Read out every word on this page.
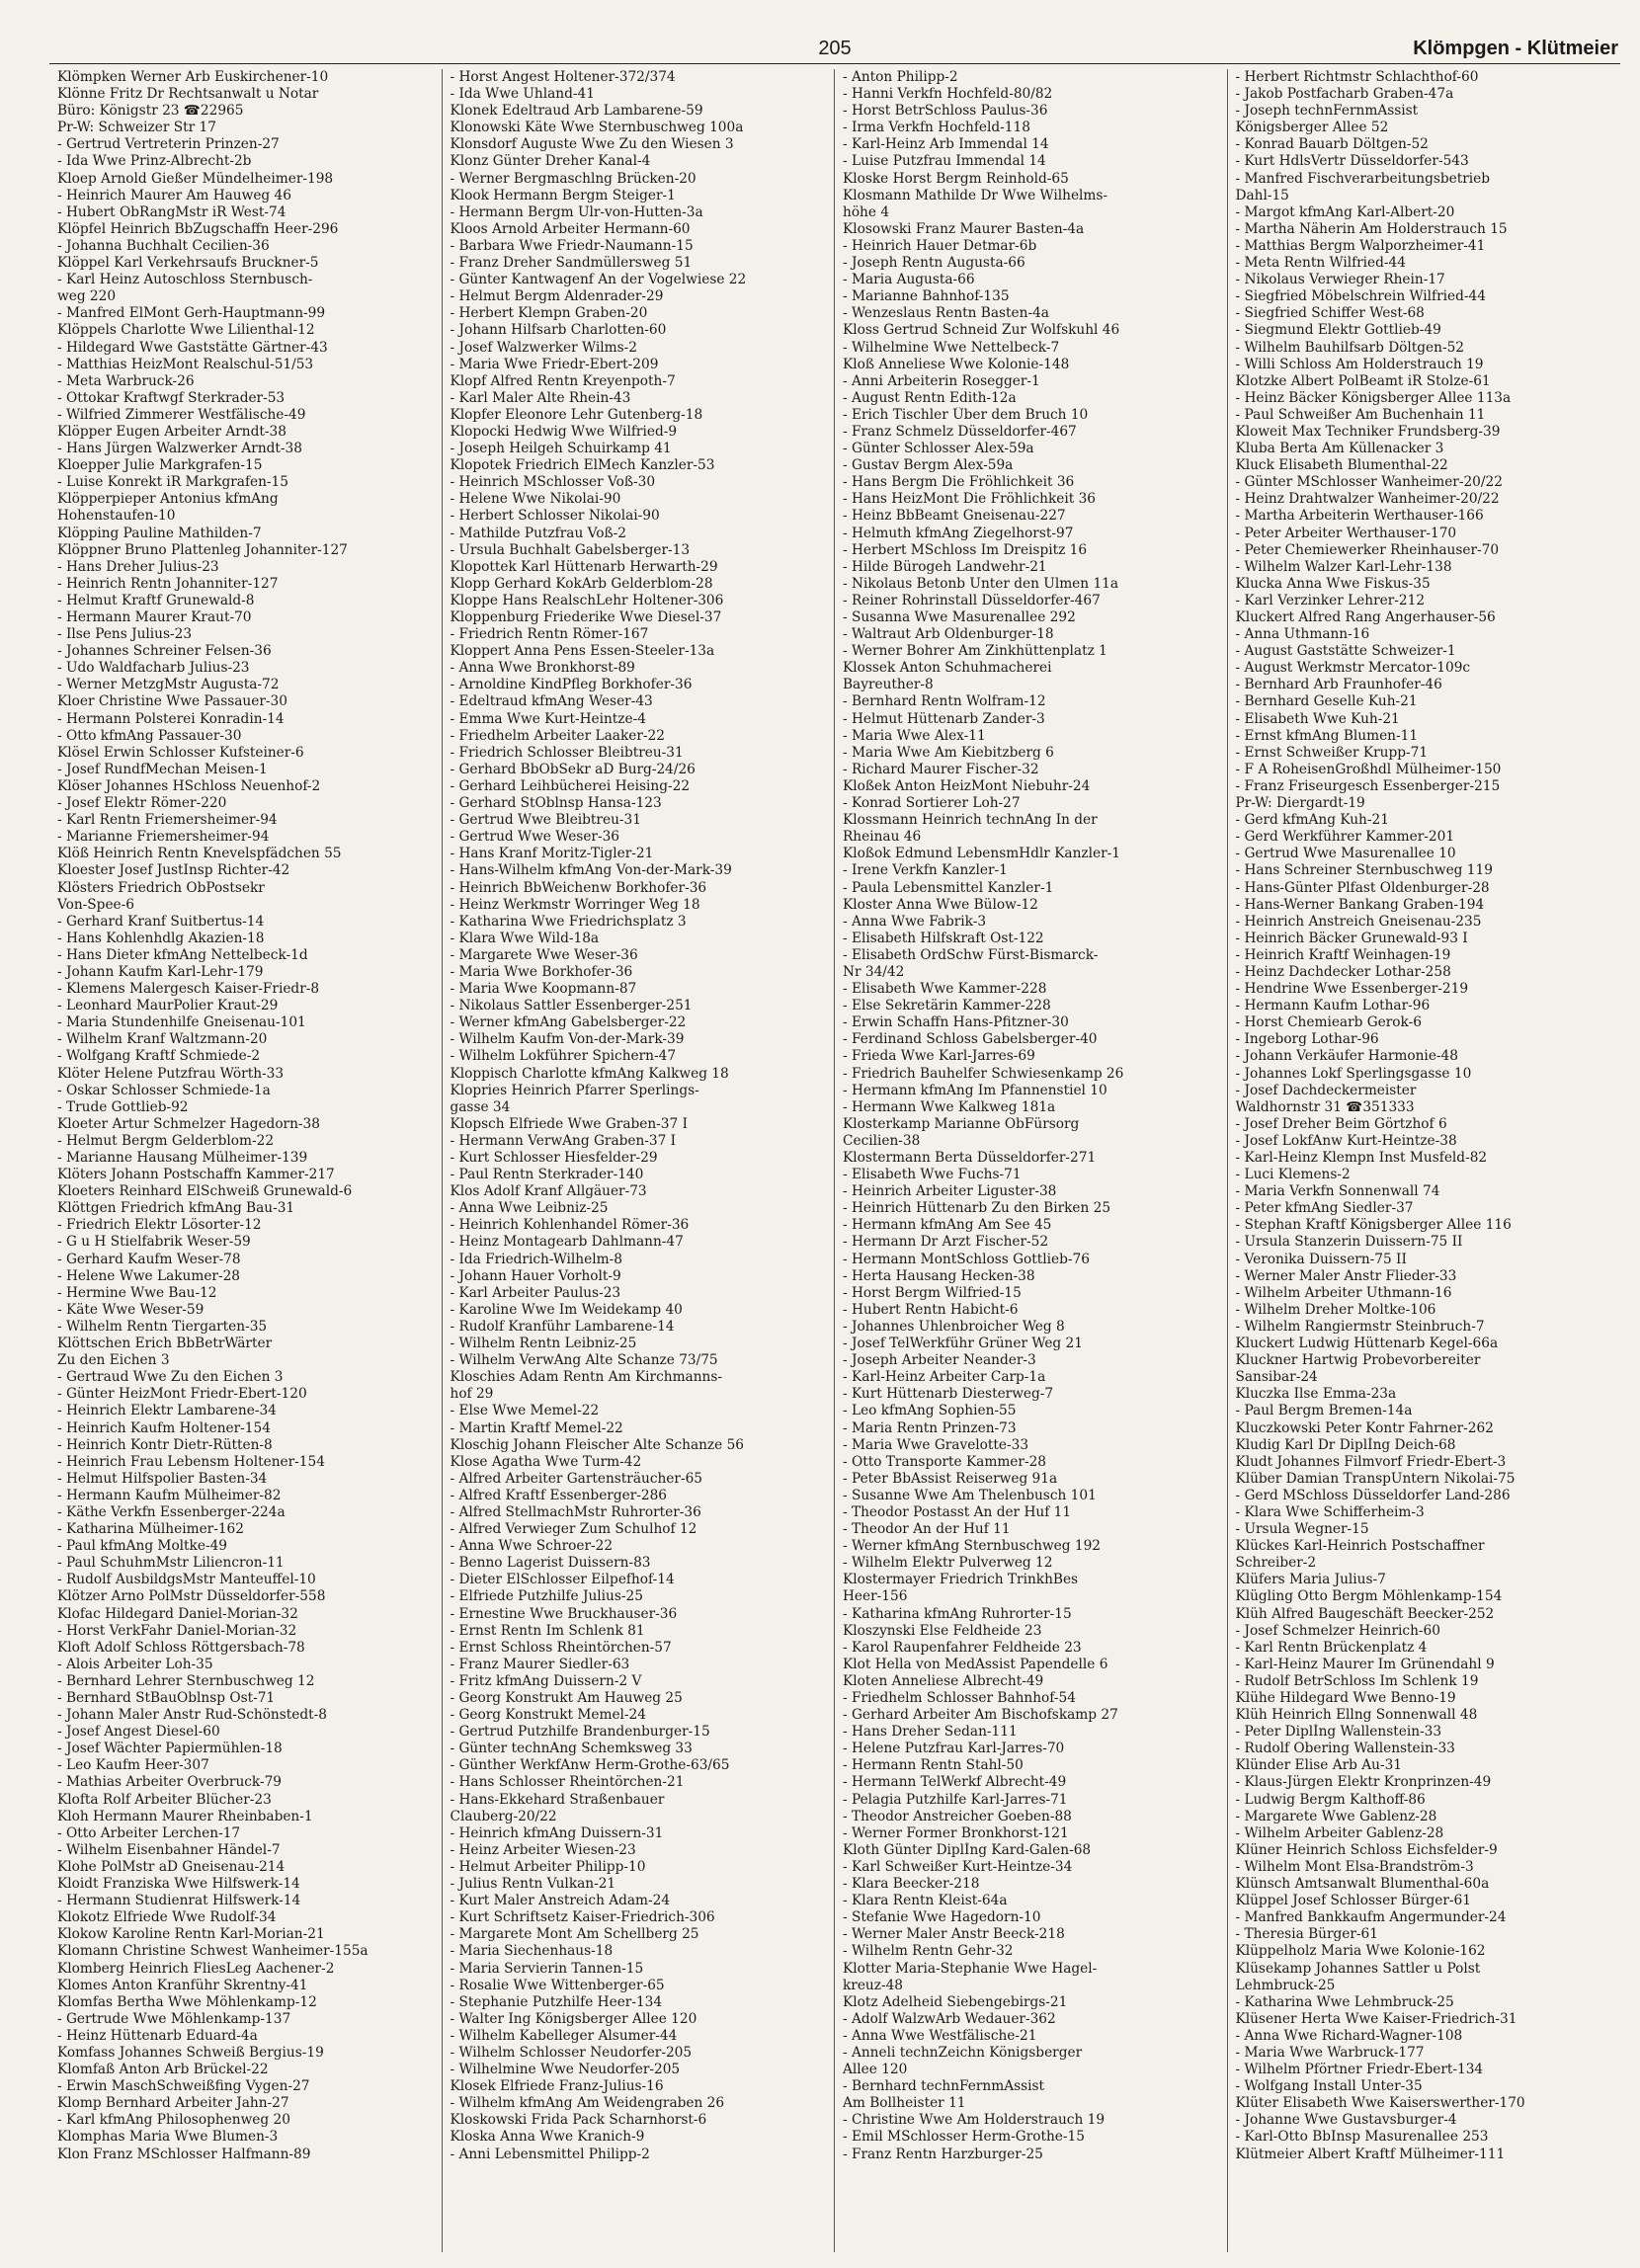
205	Klömpgen - Klütmeier
Klömpken Werner Arb Euskirchener-10
Klönne Fritz Dr Rechtsanwalt u Notar
Büro: Königstr 23 ☎22965
Pr-W: Schweizer Str 17
- Gertrud Vertreterin Prinzen-27
- Ida Wwe Prinz-Albrecht-2b
Kloep Arnold Gießer Mündelheimer-198
- Heinrich Maurer Am Hauweg 46
- Hubert ObRangMstr iR West-74
Klöpfel Heinrich BbZugschaffn Heer-296
- Johanna Buchhalt Cecilien-36
Klöppel Karl Verkehrsaufs Bruckner-5
- Karl Heinz Autoschloss Sternbusch-
weg 220
- Manfred ElMont Gerh-Hauptmann-99
Klöppels Charlotte Wwe Lilienthal-12
- Hildegard Wwe Gaststätte Gärtner-43
- Matthias HeizMont Realschul-51/53
- Meta Warbruck-26
- Ottokar Kraftwgf Sterkrader-53
- Wilfried Zimmerer Westfälische-49
Klöpper Eugen Arbeiter Arndt-38
- Hans Jürgen Walzwerker Arndt-38
Kloepper Julie Markgrafen-15
- Luise Konrekt iR Markgrafen-15
Klöpperpieper Antonius kfmAng
Hohenstaufen-10
Klöpping Pauline Mathilden-7
Klöppner Bruno Plattenleg Johanniter-127
- Hans Dreher Julius-23
- Heinrich Rentn Johanniter-127
- Helmut Kraftf Grunewald-8
- Hermann Maurer Kraut-70
- Ilse Pens Julius-23
- Johannes Schreiner Felsen-36
- Udo Waldfacharb Julius-23
- Werner MetzgMstr Augusta-72
Kloer Christine Wwe Passauer-30
- Hermann Polsterei Konradin-14
- Otto kfmAng Passauer-30
Klösel Erwin Schlosser Kufsteiner-6
- Josef RundfMechan Meisen-1
Klöser Johannes HSchloss Neuenhof-2
- Josef Elektr Römer-220
- Karl Rentn Friemersheimer-94
- Marianne Friemersheimer-94
Klöß Heinrich Rentn Knevelspfädchen 55
Kloester Josef JustInsp Richter-42
Klösters Friedrich ObPostsekr
Von-Spee-6
- Gerhard Kranf Suitbertus-14
- Hans Kohlenhdlg Akazien-18
- Hans Dieter kfmAng Nettelbeck-1d
- Johann Kaufm Karl-Lehr-179
- Klemens Malergesch Kaiser-Friedr-8
- Leonhard MaurPolier Kraut-29
- Maria Stundenhilfe Gneisenau-101
- Wilhelm Kranf Waltzmann-20
- Wolfgang Kraftf Schmiede-2
Klöter Helene Putzfrau Wörth-33
- Oskar Schlosser Schmiede-1a
- Trude Gottlieb-92
Kloeter Artur Schmelzer Hagedorn-38
- Helmut Bergm Gelderblom-22
- Marianne Hausang Mülheimer-139
Klöters Johann Postschaffn Kammer-217
Kloeters Reinhard ElSchweiß Grunewald-6
Klöttgen Friedrich kfmAng Bau-31
- Friedrich Elektr Lösorter-12
- G u H Stielfabrik Weser-59
- Gerhard Kaufm Weser-78
- Helene Wwe Lakumer-28
- Hermine Wwe Bau-12
- Käte Wwe Weser-59
- Wilhelm Rentn Tiergarten-35
Klöttschen Erich BbBetrWärter
Zu den Eichen 3
- Gertraud Wwe Zu den Eichen 3
- Günter HeizMont Friedr-Ebert-120
- Heinrich Elektr Lambarene-34
- Heinrich Kaufm Holtener-154
- Heinrich Kontr Dietr-Rütten-8
- Heinrich Frau Lebensm Holtener-154
- Helmut Hilfspolier Basten-34
- Hermann Kaufm Mülheimer-82
- Käthe Verkfn Essenberger-224a
- Katharina Mülheimer-162
- Paul kfmAng Moltke-49
- Paul SchuhmMstr Liliencron-11
- Rudolf AusbildgsMstr Manteuffel-10
Klötzer Arno PolMstr Düsseldorfer-558
Klofac Hildegard Daniel-Morian-32
- Horst VerkFahr Daniel-Morian-32
Kloft Adolf Schloss Röttgersbach-78
- Alois Arbeiter Loh-35
- Bernhard Lehrer Sternbuschweg 12
- Bernhard StBauOblnsp Ost-71
- Johann Maler Anstr Rud-Schönstedt-8
- Josef Angest Diesel-60
- Josef Wächter Papiermühlen-18
- Leo Kaufm Heer-307
- Mathias Arbeiter Overbruck-79
Klofta Rolf Arbeiter Blücher-23
Kloh Hermann Maurer Rheinbaben-1
- Otto Arbeiter Lerchen-17
- Wilhelm Eisenbahner Händel-7
Klohe PolMstr aD Gneisenau-214
Kloidt Franziska Wwe Hilfswerk-14
- Hermann Studienrat Hilfswerk-14
Klokotz Elfriede Wwe Rudolf-34
Klokow Karoline Rentn Karl-Morian-21
Klomann Christine Schwest Wanheimer-155a
Klomberg Heinrich FliesLeg Aachener-2
Klomes Anton Kranführ Skrentny-41
Klomfas Bertha Wwe Möhlenkamp-12
- Gertrude Wwe Möhlenkamp-137
- Heinz Hüttenarb Eduard-4a
Komfass Johannes Schweiß Bergius-19
Klomfaß Anton Arb Brückel-22
- Erwin MaschSchweißfing Vygen-27
Klomp Bernhard Arbeiter Jahn-27
- Karl kfmAng Philosophenweg 20
Klomphas Maria Wwe Blumen-3
Klon Franz MSchlosser Halfmann-89
- Horst Angest Holtener-372/374
- Ida Wwe Uhland-41
Klonek Edeltraud Arb Lambarene-59
Klonowski Käte Wwe Sternbuschweg 100a
Klonsdorf Auguste Wwe Zu den Wiesen 3
Klonz Günter Dreher Kanal-4
- Werner Bergmaschlng Brücken-20
Klook Hermann Bergm Steiger-1
- Hermann Bergm Ulr-von-Hutten-3a
Kloos Arnold Arbeiter Hermann-60
- Barbara Wwe Friedr-Naumann-15
- Franz Dreher Sandmüllersweg 51
- Günter Kantwagenf An der Vogelwiese 22
- Helmut Bergm Aldenrader-29
- Herbert Klempn Graben-20
- Johann Hilfsarb Charlotten-60
- Josef Walzwerker Wilms-2
- Maria Wwe Friedr-Ebert-209
Klopf Alfred Rentn Kreyenpoth-7
- Karl Maler Alte Rhein-43
Klopfer Eleonore Lehr Gutenberg-18
Klopocki Hedwig Wwe Wilfried-9
- Joseph Heilgeh Schuirkamp 41
Klopotek Friedrich ElMech Kanzler-53
- Heinrich MSchlosser Voß-30
- Helene Wwe Nikolai-90
- Herbert Schlosser Nikolai-90
- Mathilde Putzfrau Voß-2
- Ursula Buchhalt Gabelsberger-13
Klopottek Karl Hüttenarb Herwarth-29
Klopp Gerhard KokArb Gelderblom-28
Kloppe Hans RealschLehr Holtener-306
Kloppenburg Friederike Wwe Diesel-37
- Friedrich Rentn Römer-167
Kloppert Anna Pens Essen-Steeler-13a
- Anna Wwe Bronkhorst-89
- Arnoldine KindPfleg Borkhofer-36
- Edeltraud kfmAng Weser-43
- Emma Wwe Kurt-Heintze-4
- Friedhelm Arbeiter Laaker-22
- Friedrich Schlosser Bleibtreu-31
- Gerhard BbObSekr aD Burg-24/26
- Gerhard Leihbücherei Heising-22
- Gerhard StOblnsp Hansa-123
- Gertrud Wwe Bleibtreu-31
- Gertrud Wwe Weser-36
- Hans Kranf Moritz-Tigler-21
- Hans-Wilhelm kfmAng Von-der-Mark-39
- Heinrich BbWeichenw Borkhofer-36
- Heinz Werkmstr Worringer Weg 18
- Katharina Wwe Friedrichsplatz 3
- Klara Wwe Wild-18a
- Margarete Wwe Weser-36
- Maria Wwe Borkhofer-36
- Maria Wwe Koopmann-87
- Nikolaus Sattler Essenberger-251
- Werner kfmAng Gabelsberger-22
- Wilhelm Kaufm Von-der-Mark-39
- Wilhelm Lokführer Spichern-47
Kloppisch Charlotte kfmAng Kalkweg 18
Klopries Heinrich Pfarrer Sperlings-
gasse 34
Klopsch Elfriede Wwe Graben-37 I
- Hermann VerwAng Graben-37 I
- Kurt Schlosser Hiesfelder-29
- Paul Rentn Sterkrader-140
Klos Adolf Kranf Allgäuer-73
- Anna Wwe Leibniz-25
- Heinrich Kohlenhandel Römer-36
- Heinz Montagearb Dahlmann-47
- Ida Friedrich-Wilhelm-8
- Johann Hauer Vorholt-9
- Karl Arbeiter Paulus-23
- Karoline Wwe Im Weidekamp 40
- Rudolf Kranführ Lambarene-14
- Wilhelm Rentn Leibniz-25
- Wilhelm VerwAng Alte Schanze 73/75
Kloschies Adam Rentn Am Kirchmanns-
hof 29
- Else Wwe Memel-22
- Martin Kraftf Memel-22
Kloschig Johann Fleischer Alte Schanze 56
Klose Agatha Wwe Turm-42
- Alfred Arbeiter Gartensträucher-65
- Alfred Kraftf Essenberger-286
- Alfred StellmachMstr Ruhrorter-36
- Alfred Verwieger Zum Schulhof 12
- Anna Wwe Schroer-22
- Benno Lagerist Duissern-83
- Dieter ElSchlosser Eilpefhof-14
- Elfriede Putzhilfe Julius-25
- Ernestine Wwe Bruckhauser-36
- Ernst Rentn Im Schlenk 81
- Ernst Schloss Rheintörchen-57
- Franz Maurer Siedler-63
- Fritz kfmAng Duissern-2 V
- Georg Konstrukt Am Hauweg 25
- Georg Konstrukt Memel-24
- Gertrud Putzhilfe Brandenburger-15
- Günter technAng Schemksweg 33
- Günther WerkfAnw Herm-Grothe-63/65
- Hans Schlosser Rheintörchen-21
- Hans-Ekkehard Straßenbauer
Clauberg-20/22
- Heinrich kfmAng Duissern-31
- Heinz Arbeiter Wiesen-23
- Helmut Arbeiter Philipp-10
- Julius Rentn Vulkan-21
- Kurt Maler Anstreich Adam-24
- Kurt Schriftsetz Kaiser-Friedrich-306
- Margarete Mont Am Schellberg 25
- Maria Siechenhaus-18
- Maria Servierin Tannen-15
- Rosalie Wwe Wittenberger-65
- Stephanie Putzhilfe Heer-134
- Walter Ing Königsberger Allee 120
- Wilhelm Kabelleger Alsumer-44
- Wilhelm Schlosser Neudorfer-205
- Wilhelmine Wwe Neudorfer-205
Klosek Elfriede Franz-Julius-16
- Wilhelm kfmAng Am Weidengraben 26
Kloskowski Frida Pack Scharnhorst-6
Kloska Anna Wwe Kranich-9
- Anni Lebensmittel Philipp-2
- Anton Philipp-2
- Hanni Verkfn Hochfeld-80/82
- Horst BetrSchloss Paulus-36
- Irma Verkfn Hochfeld-118
- Karl-Heinz Arb Immendal 14
- Luise Putzfrau Immendal 14
Kloske Horst Bergm Reinhold-65
Klosmann Mathilde Dr Wwe Wilhelms-
höhe 4
Klosowski Franz Maurer Basten-4a
- Heinrich Hauer Detmar-6b
- Joseph Rentn Augusta-66
- Maria Augusta-66
- Marianne Bahnhof-135
- Wenzeslaus Rentn Basten-4a
Kloss Gertrud Schneid Zur Wolfskuhl 46
- Wilhelmine Wwe Nettelbeck-7
Kloß Anneliese Wwe Kolonie-148
- Anni Arbeiterin Rosegger-1
- August Rentn Edith-12a
- Erich Tischler Über dem Bruch 10
- Franz Schmelz Düsseldorfer-467
- Günter Schlosser Alex-59a
- Gustav Bergm Alex-59a
- Hans Bergm Die Fröhlichkeit 36
- Hans HeizMont Die Fröhlichkeit 36
- Heinz BbBeamt Gneisenau-227
- Helmuth kfmAng Ziegelhorst-97
- Herbert MSchloss Im Dreispitz 16
- Hilde Bürogeh Landwehr-21
- Nikolaus Betonb Unter den Ulmen 11a
- Reiner Rohrinstall Düsseldorfer-467
- Susanna Wwe Masurenallee 292
- Waltraut Arb Oldenburger-18
- Werner Bohrer Am Zinkhüttenplatz 1
Klossek Anton Schuhmacherei
Bayreuther-8
- Bernhard Rentn Wolfram-12
- Helmut Hüttenarb Zander-3
- Maria Wwe Alex-11
- Maria Wwe Am Kiebitzberg 6
- Richard Maurer Fischer-32
Kloßek Anton HeizMont Niebuhr-24
- Konrad Sortierer Loh-27
Klossmann Heinrich technAng In der
Rheinau 46
Kloßok Edmund LebensmHdlr Kanzler-1
- Irene Verkfn Kanzler-1
- Paula Lebensmittel Kanzler-1
Kloster Anna Wwe Bülow-12
- Anna Wwe Fabrik-3
- Elisabeth Hilfskraft Ost-122
- Elisabeth OrdSchw Fürst-Bismarck-
Nr 34/42
- Elisabeth Wwe Kammer-228
- Else Sekretärin Kammer-228
- Erwin Schaffn Hans-Pfitzner-30
- Ferdinand Schloss Gabelsberger-40
- Frieda Wwe Karl-Jarres-69
- Friedrich Bauhelfer Schwiesenkamp 26
- Hermann kfmAng Im Pfannenstiel 10
- Hermann Wwe Kalkweg 181a
Klosterkamp Marianne ObFürsorg
Cecilien-38
Klostermann Berta Düsseldorfer-271
- Elisabeth Wwe Fuchs-71
- Heinrich Arbeiter Liguster-38
- Heinrich Hüttenarb Zu den Birken 25
- Hermann kfmAng Am See 45
- Hermann Dr Arzt Fischer-52
- Hermann MontSchloss Gottlieb-76
- Herta Hausang Hecken-38
- Horst Bergm Wilfried-15
- Hubert Rentn Habicht-6
- Johannes Uhlenbroicher Weg 8
- Josef TelWerkführ Grüner Weg 21
- Joseph Arbeiter Neander-3
- Karl-Heinz Arbeiter Carp-1a
- Kurt Hüttenarb Diesterweg-7
- Leo kfmAng Sophien-55
- Maria Rentn Prinzen-73
- Maria Wwe Gravelotte-33
- Otto Transporte Kammer-28
- Peter BbAssist Reiserweg 91a
- Susanne Wwe Am Thelenbusch 101
- Theodor Postasst An der Huf 11
- Theodor An der Huf 11
- Werner kfmAng Sternbuschweg 192
- Wilhelm Elektr Pulverweg 12
Klostermayer Friedrich TrinkhBes
Heer-156
- Katharina kfmAng Ruhrorter-15
Kloszynski Else Feldheide 23
- Karol Raupenfahrer Feldheide 23
Klot Hella von MedAssist Papendelle 6
Kloten Anneliese Albrecht-49
- Friedhelm Schlosser Bahnhof-54
- Gerhard Arbeiter Am Bischofskamp 27
- Hans Dreher Sedan-111
- Helene Putzfrau Karl-Jarres-70
- Hermann Rentn Stahl-50
- Hermann TelWerkf Albrecht-49
- Pelagia Putzhilfe Karl-Jarres-71
- Theodor Anstreicher Goeben-88
- Werner Former Bronkhorst-121
Kloth Günter Diplİng Kard-Galen-68
- Karl Schweißer Kurt-Heintze-34
- Klara Beecker-218
- Klara Rentn Kleist-64a
- Stefanie Wwe Hagedorn-10
- Werner Maler Anstr Beeck-218
- Wilhelm Rentn Gehr-32
Klotter Maria-Stephanie Wwe Hagel-
kreuz-48
Klotz Adelheid Siebengebirgs-21
- Adolf WalzwArb Wedauer-362
- Anna Wwe Westfälische-21
- Anneli technZeichn Königsberger
Allee 120
- Bernhard technFernmAssist
Am Bollheister 11
- Christine Wwe Am Holderstrauch 19
- Emil MSchlosser Herm-Grothe-15
- Franz Rentn Harzburger-25
- Herbert Richtmstr Schlachthof-60
- Jakob Postfacharb Graben-47a
- Joseph technFernmAssist
Königsberger Allee 52
- Konrad Bauarb Döltgen-52
- Kurt HdlsVertr Düsseldorfer-543
- Manfred Fischverarbeitungsbetrieb
Dahl-15
- Margot kfmAng Karl-Albert-20
- Martha Näherin Am Holderstrauch 15
- Matthias Bergm Walporzheimer-41
- Meta Rentn Wilfried-44
- Nikolaus Verwieger Rhein-17
- Siegfried Möbelschrein Wilfried-44
- Siegfried Schiffer West-68
- Siegmund Elektr Gottlieb-49
- Wilhelm Bauhilfsarb Döltgen-52
- Willi Schloss Am Holderstrauch 19
Klotzke Albert PolBeamt iR Stolze-61
- Heinz Bäcker Königsberger Allee 113a
- Paul Schweißer Am Buchenhain 11
Kloweit Max Techniker Frundsberg-39
Kluba Berta Am Küllenacker 3
Kluck Elisabeth Blumenthal-22
- Günter MSchlosser Wanheimer-20/22
- Heinz Drahtwalzer Wanheimer-20/22
- Martha Arbeiterin Werthauser-166
- Peter Arbeiter Werthauser-170
- Peter Chemiewerker Rheinhauser-70
- Wilhelm Walzer Karl-Lehr-138
Klucka Anna Wwe Fiskus-35
- Karl Verzinker Lehrer-212
Kluckert Alfred Rang Angerhauser-56
- Anna Uthmann-16
- August Gaststätte Schweizer-1
- August Werkmstr Mercator-109c
- Bernhard Arb Fraunhofer-46
- Bernhard Geselle Kuh-21
- Elisabeth Wwe Kuh-21
- Ernst kfmAng Blumen-11
- Ernst Schweißer Krupp-71
- F A RoheisenGroßhdl Mülheimer-150
- Franz Friseurgesch Essenberger-215
Pr-W: Diergardt-19
- Gerd kfmAng Kuh-21
- Gerd Werkführer Kammer-201
- Gertrud Wwe Masurenallee 10
- Hans Schreiner Sternbuschweg 119
- Hans-Günter Plfast Oldenburger-28
- Hans-Werner Bankang Graben-194
- Heinrich Anstreich Gneisenau-235
- Heinrich Bäcker Grunewald-93 I
- Heinrich Kraftf Weinhagen-19
- Heinz Dachdecker Lothar-258
- Hendrine Wwe Essenberger-219
- Hermann Kaufm Lothar-96
- Horst Chemiearb Gerok-6
- Ingeborg Lothar-96
- Johann Verkäufer Harmonie-48
- Johannes Lokf Sperlingsgasse 10
- Josef Dachdeckermeister
Waldhornstr 31 ☎351333
- Josef Dreher Beim Görtzhof 6
- Josef LokfAnw Kurt-Heintze-38
- Karl-Heinz Klempn Inst Musfeld-82
- Luci Klemens-2
- Maria Verkfn Sonnenwall 74
- Peter kfmAng Siedler-37
- Stephan Kraftf Königsberger Allee 116
- Ursula Stanzerin Duissern-75 II
- Veronika Duissern-75 II
- Werner Maler Anstr Flieder-33
- Wilhelm Arbeiter Uthmann-16
- Wilhelm Dreher Moltke-106
- Wilhelm Rangiermstr Steinbruch-7
Kluckert Ludwig Hüttenarb Kegel-66a
Kluckner Hartwig Probevorbereiter
Sansibar-24
Kluczka Ilse Emma-23a
- Paul Bergm Bremen-14a
Kluczkowski Peter Kontr Fahrner-262
Kludig Karl Dr Diplİng Deich-68
Kludt Johannes Filmvorf Friedr-Ebert-3
Klüber Damian TranspUntern Nikolai-75
- Gerd MSchloss Düsseldorfer Land-286
- Klara Wwe Schifferheim-3
- Ursula Wegner-15
Klückes Karl-Heinrich Postschaffner
Schreiber-2
Klüfers Maria Julius-7
Klügling Otto Bergm Möhlenkamp-154
Klüh Alfred Baugeschäft Beecker-252
- Josef Schmelzer Heinrich-60
- Karl Rentn Brückenplatz 4
- Karl-Heinz Maurer Im Grünendahl 9
- Rudolf BetrSchloss Im Schlenk 19
Klühe Hildegard Wwe Benno-19
Klüh Heinrich Ellng Sonnenwall 48
- Peter Diplİng Wallenstein-33
- Rudolf Obering Wallenstein-33
Klünder Elise Arb Au-31
- Klaus-Jürgen Elektr Kronprinzen-49
- Ludwig Bergm Kalthoff-86
- Margarete Wwe Gablenz-28
- Wilhelm Arbeiter Gablenz-28
Klüner Heinrich Schloss Eichsfelder-9
- Wilhelm Mont Elsa-Brandström-3
Klünsch Amtsanwalt Blumenthal-60a
Klüppel Josef Schlosser Bürger-61
- Manfred Bankkaufm Angermunder-24
- Theresia Bürger-61
Klüppelholz Maria Wwe Kolonie-162
Klüsekamp Johannes Sattler u Polst
Lehmbruck-25
- Katharina Wwe Lehmbruck-25
Klüsener Herta Wwe Kaiser-Friedrich-31
- Anna Wwe Richard-Wagner-108
- Maria Wwe Warbruck-177
- Wilhelm Pförtner Friedr-Ebert-134
- Wolfgang Install Unter-35
Klüter Elisabeth Wwe Kaiserswerther-170
- Johanne Wwe Gustavsburger-4
- Karl-Otto BbInsp Masurenallee 253
Klütmeier Albert Kraftf Mülheimer-111
